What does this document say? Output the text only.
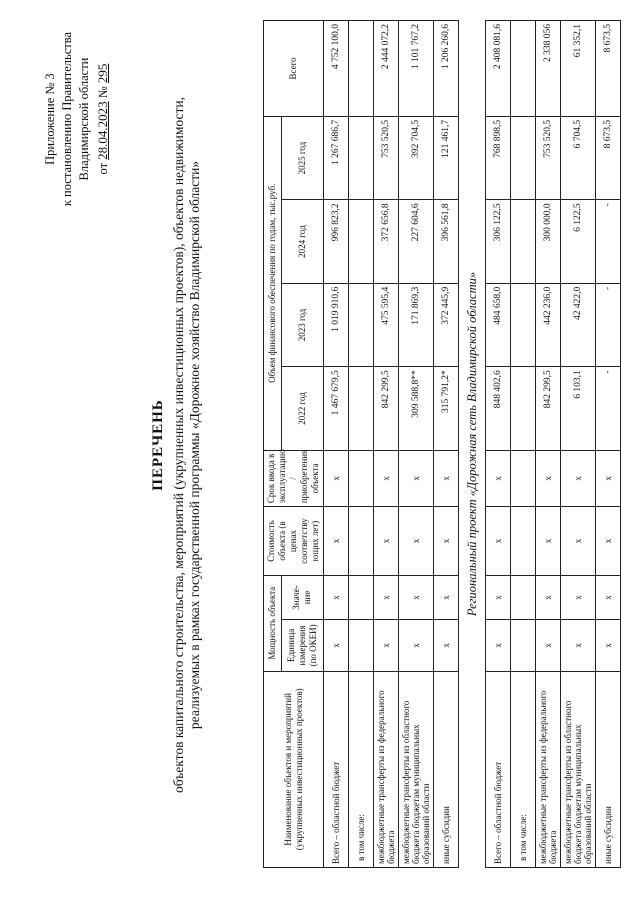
Приложение № 3 к постановлению Правительства Владимирской области от 28.04.2023 № 295
ПЕРЕЧЕНЬ объектов капитального строительства, мероприятий (укрупненных инвестиционных проектов), объектов недвижимости, реализуемых в рамках государственной программы «Дорожное хозяйство Владимирской области»
Наименование объектов и мероприятий (укрупненных инвестиционных проектов)	Мощность объекта		Стоимость объекта (в ценах соответству ющих лет)	Срок ввода в эксплуатацию / приобретения объекта	Объем финансового обеспечения по годам, тыс.руб.				Всего
	Единица измерения (по ОКЕИ)	Значе-ние			2022 год	2023 год	2024 год	2025 год	
Всего – областной бюджет	х	х	х	х	1 467 679,5	1 019 910,6	996 823,2	1 267 686,7	4 752 100,0
в том числе:									
межбюджетные трансферты из федерального бюджета	х	х	х	х	842 299,5	475 595,4	372 656,8	753 520,5	2 444 072,2
межбюджетные трансферты из областного бюджета бюджетам муниципальных образований области	х	х	х	х	309 588,8**	171 869,3	227 604,6	392 704,5	1 101 767,2
иные субсидии	х	х	х	х	315 791,2*	372 445,9	396 561,8	121 461,7	1 206 260,6
Региональный проект «Дорожная сеть Владимирской области»									
Всего – областной бюджет	х	х	х	х	848 402,6	484 658,0	306 122,5	768 898,5	2 408 081,6
в том числе:									
межбюджетные трансферты из федерального бюджета	х	х	х	х	842 299,5	442 236,0	300 000,0	753 520,5	2 338 056
межбюджетные трансферты из областного бюджета бюджетам муниципальных образований области	х	х	х	х	6 103,1	42 422,0	6 122,5	6 704,5	61 352,1
иные субсидии	х	х	х	х	-	-	-	8 673,5	8 673,5
